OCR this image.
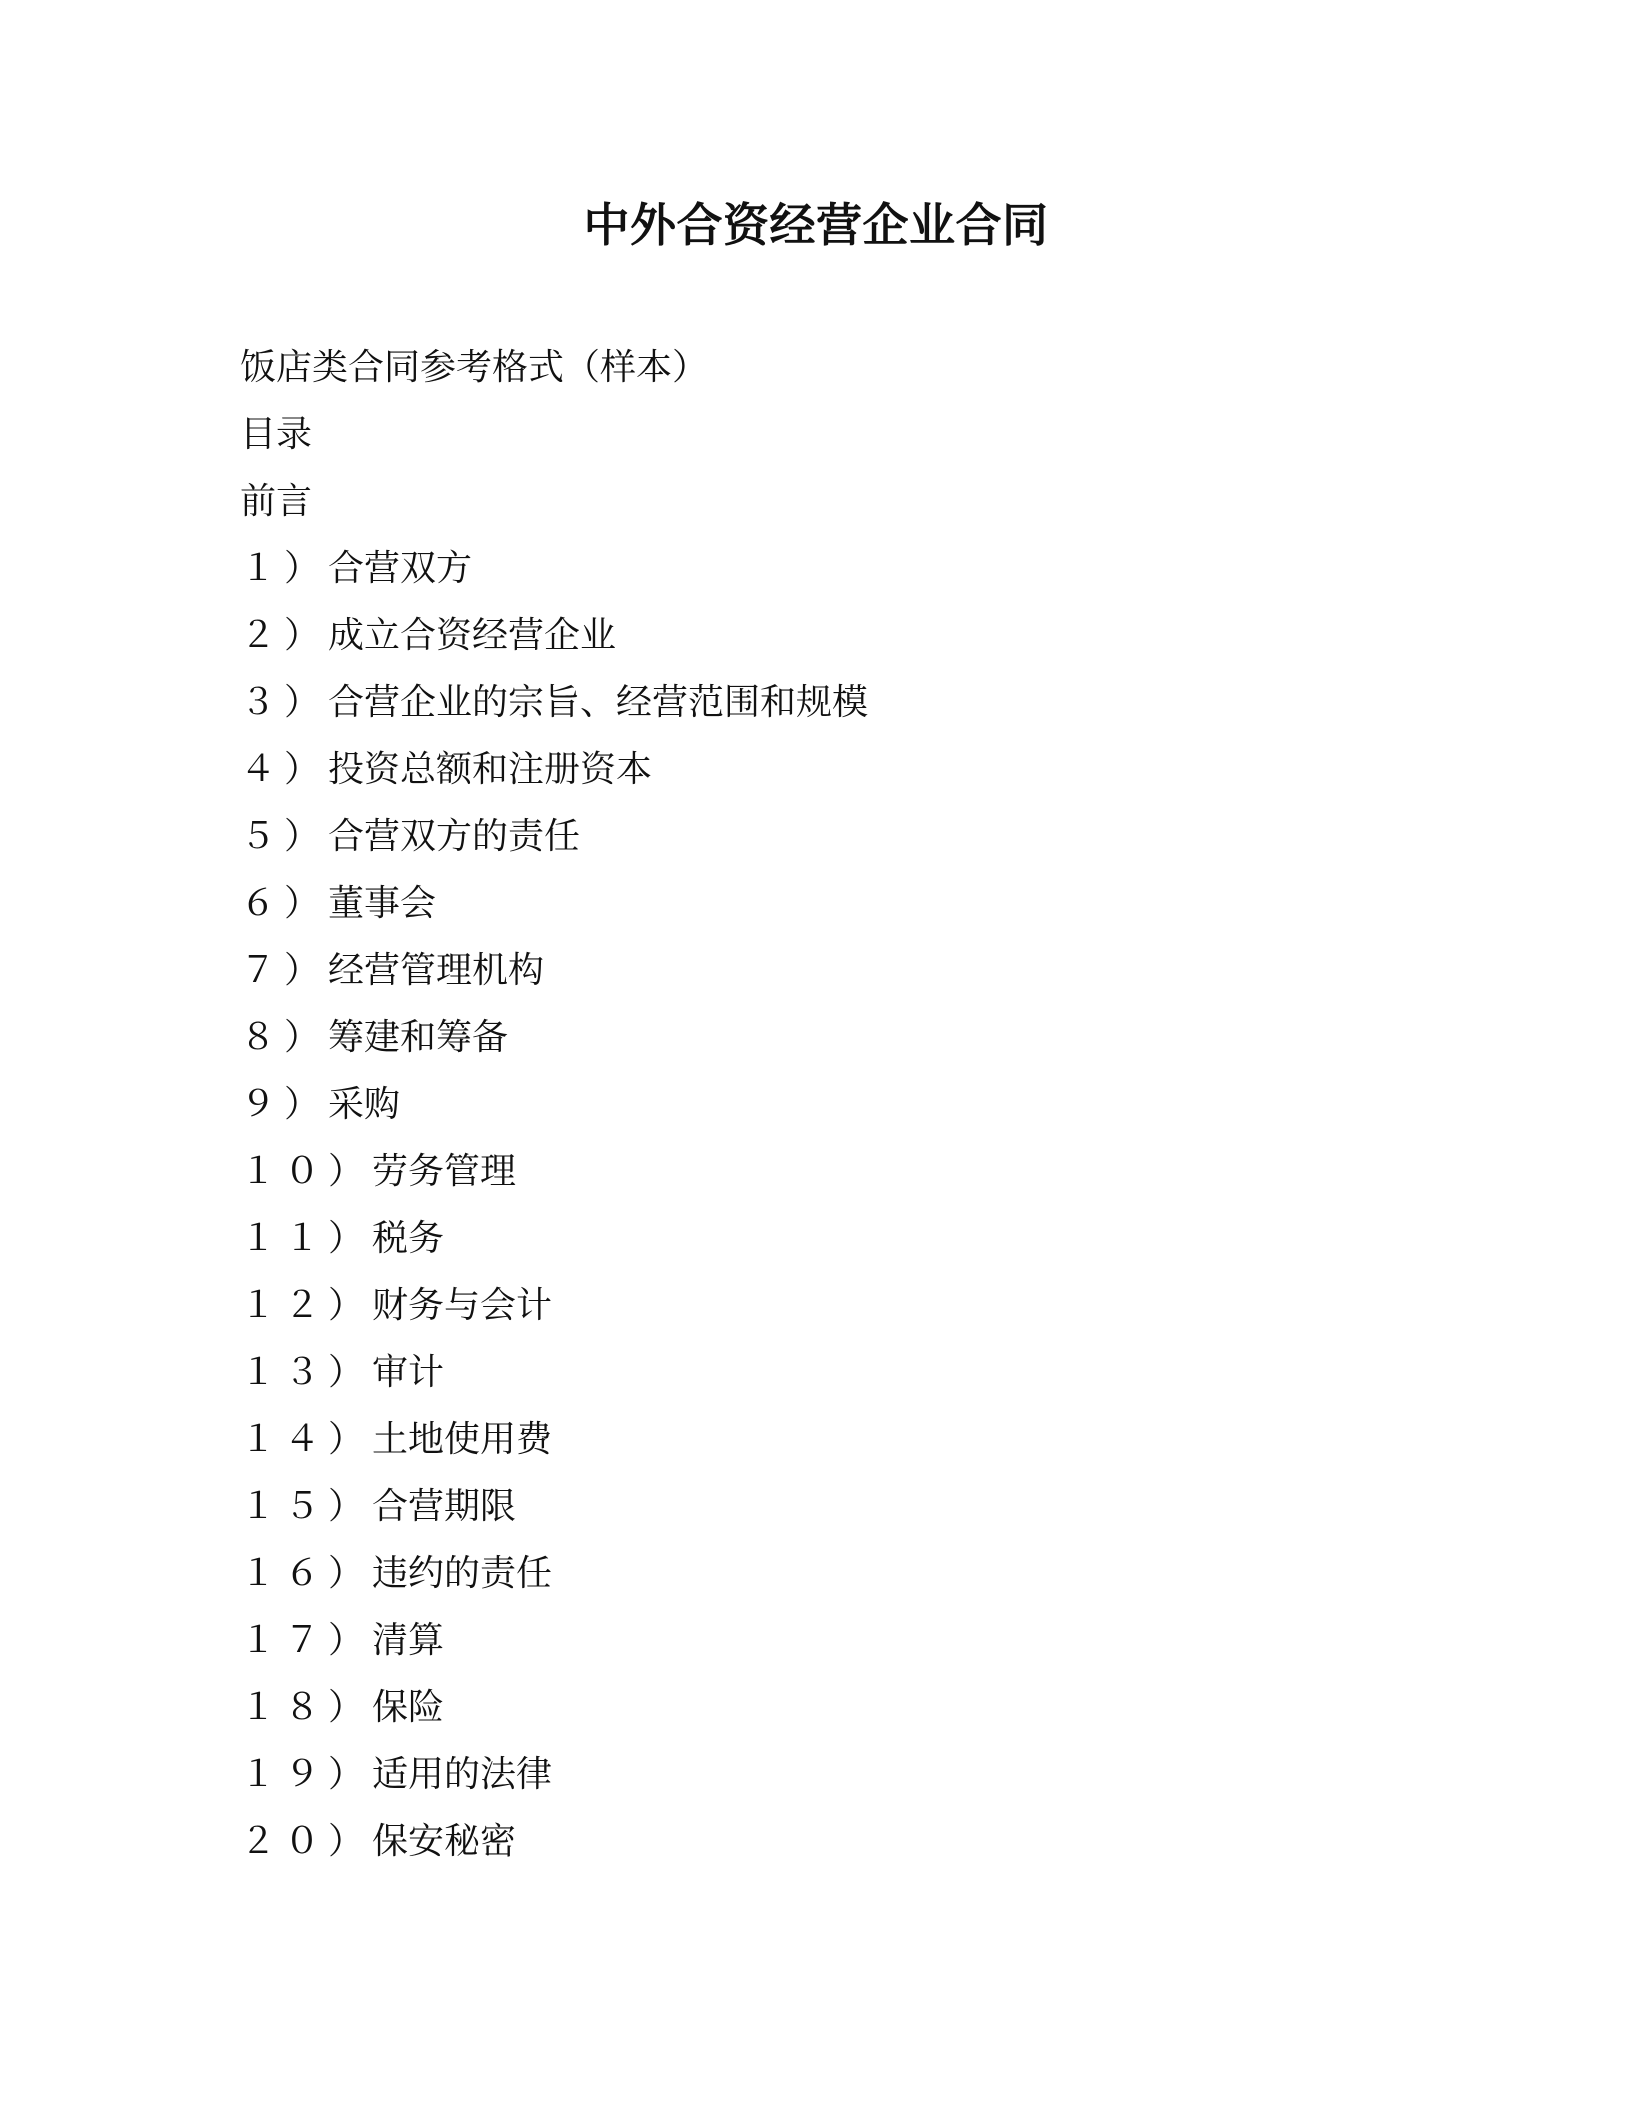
中外合资经营企业合同
饭店类合同参考格式（样本）
目录
前言
１）合营双方
２）成立合资经营企业
３）合营企业的宗旨、经营范围和规模
４）投资总额和注册资本
５）合营双方的责任
６）董事会
７）经营管理机构
８）筹建和筹备
９）采购
１０）劳务管理
１１）税务
１２）财务与会计
１３）审计
１４）土地使用费
１５）合营期限
１６）违约的责任
１７）清算
１８）保险
１９）适用的法律
２０）保安秘密
